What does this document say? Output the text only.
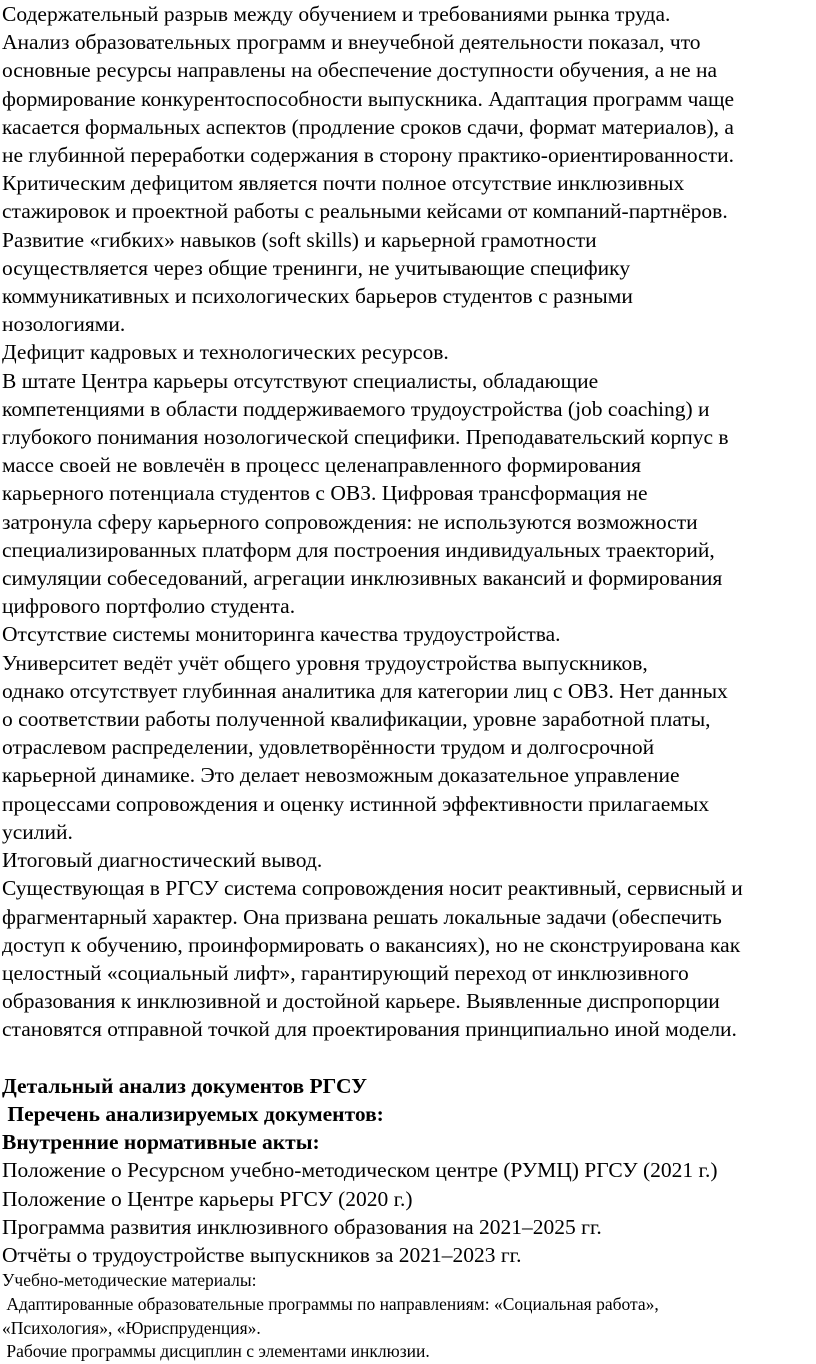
Содержательный разрыв между обучением и требованиями рынка труда.
Анализ образовательных программ и внеучебной деятельности показал, что
основные ресурсы направлены на обеспечение доступности обучения, а не на
формирование конкурентоспособности выпускника. Адаптация программ чаще
касается формальных аспектов (продление сроков сдачи, формат материалов), а
не глубинной переработки содержания в сторону практико-ориентированности.
Критическим дефицитом является почти полное отсутствие инклюзивных
стажировок и проектной работы с реальными кейсами от компаний-партнёров.
Развитие «гибких» навыков (soft skills) и карьерной грамотности
осуществляется через общие тренинги, не учитывающие специфику
коммуникативных и психологических барьеров студентов с разными
нозологиями.
Дефицит кадровых и технологических ресурсов.
В штате Центра карьеры отсутствуют специалисты, обладающие
компетенциями в области поддерживаемого трудоустройства (job coaching) и
глубокого понимания нозологической специфики. Преподавательский корпус в
массе своей не вовлечён в процесс целенаправленного формирования
карьерного потенциала студентов с ОВЗ. Цифровая трансформация не
затронула сферу карьерного сопровождения: не используются возможности
специализированных платформ для построения индивидуальных траекторий,
симуляции собеседований, агрегации инклюзивных вакансий и формирования
цифрового портфолио студента.
Отсутствие системы мониторинга качества трудоустройства.
Университет ведёт учёт общего уровня трудоустройства выпускников,
однако отсутствует глубинная аналитика для категории лиц с ОВЗ. Нет данных
о соответствии работы полученной квалификации, уровне заработной платы,
отраслевом распределении, удовлетворённости трудом и долгосрочной
карьерной динамике. Это делает невозможным доказательное управление
процессами сопровождения и оценку истинной эффективности прилагаемых
усилий.
Итоговый диагностический вывод.
Существующая в РГСУ система сопровождения носит реактивный, сервисный и
фрагментарный характер. Она призвана решать локальные задачи (обеспечить
доступ к обучению, проинформировать о вакансиях), но не сконструирована как
целостный «социальный лифт», гарантирующий переход от инклюзивного
образования к инклюзивной и достойной карьере. Выявленные диспропорции
становятся отправной точкой для проектирования принципиально иной модели.
Детальный анализ документов РГСУ
Перечень анализируемых документов:
Внутренние нормативные акты:
Положение о Ресурсном учебно-методическом центре (РУМЦ) РГСУ (2021 г.)
Положение о Центре карьеры РГСУ (2020 г.)
Программа развития инклюзивного образования на 2021–2025 гг.
Отчёты о трудоустройстве выпускников за 2021–2023 гг.
Учебно-методические материалы:
Адаптированные образовательные программы по направлениям: «Социальная работа»,
«Психология», «Юриспруденция».
Рабочие программы дисциплин с элементами инклюзии.
